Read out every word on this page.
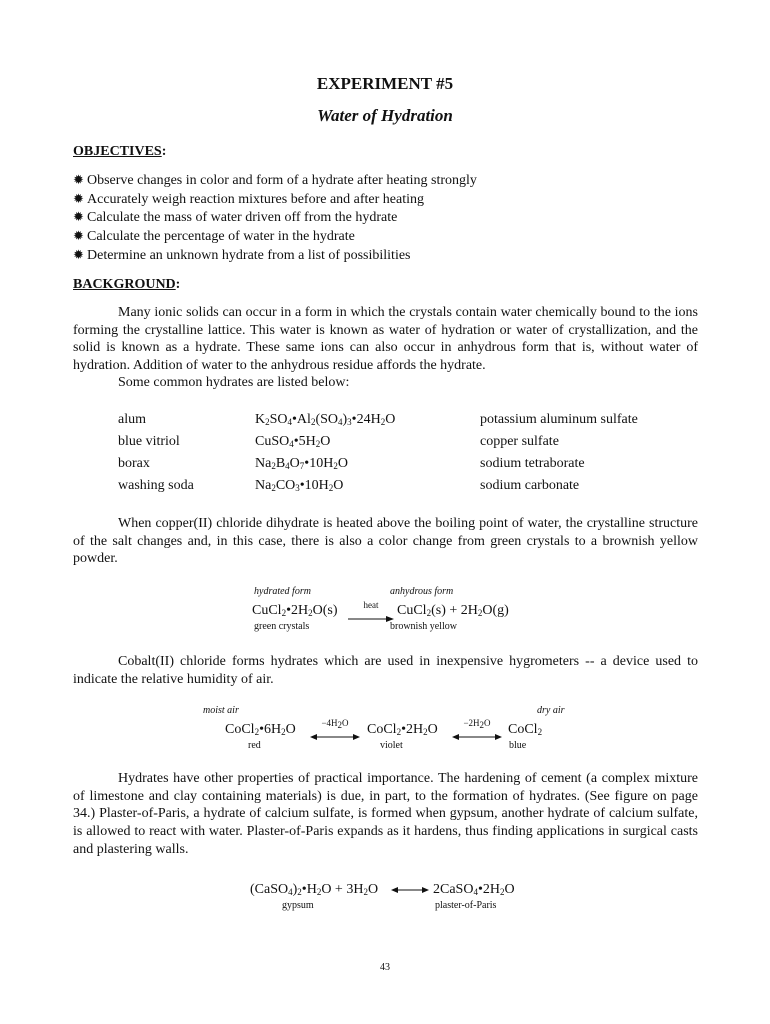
EXPERIMENT #5
Water of Hydration
OBJECTIVES:
✹ Observe changes in color and form of a hydrate after heating strongly
✹ Accurately weigh reaction mixtures before and after heating
✹ Calculate the mass of water driven off from the hydrate
✹ Calculate the percentage of water in the hydrate
✹ Determine an unknown hydrate from a list of possibilities
BACKGROUND:

Many ionic solids can occur in a form in which the crystals contain water chemically bound to the ions forming the crystalline lattice. This water is known as water of hydration or water of crystallization, and the solid is known as a hydrate. These same ions can also occur in anhydrous form that is, without water of hydration. Addition of water to the anhydrous residue affords the hydrate.

Some common hydrates are listed below:
alum	$K_2SO_4•Al_2(SO_4)_3•24H_2O$	potassium aluminum sulfate
blue vitriol	$CuSO_4•5H_2O$	copper sulfate
borax	$Na_2B_4O_7•10H_2O$	sodium tetraborate
washing soda	$Na_2CO_3•10H_2O$	sodium carbonate

When copper(II) chloride dihydrate is heated above the boiling point of water, the crystalline structure of the salt changes and, in this case, there is also a color change from green crystals to a brownish yellow powder.

hydrated form	anhydrous form
$CuCl_2•2H_2O(s)$	heat	CuCl$_2$(s) + $2H_2O(g)$
green crystals	brownish yellow

Cobalt(II) chloride forms hydrates which are used in inexpensive hygrometers -- a device used to indicate the relative humidity of air.

moist air	dry air
$CoCl_2•6H_2O$	$-4H_2O$	$CoCl_2•2H_2O$	$-2H_2O$	CoCl$_2$
red	violet	blue

Hydrates have other properties of practical importance. The hardening of cement (a complex mixture of limestone and clay containing materials) is due, in part, to the formation of hydrates. (See figure on page 34.) Plaster-of-Paris, a hydrate of calcium sulfate, is formed when gypsum, another hydrate of calcium sulfate, is allowed to react with water. Plaster-of-Paris expands as it hardens, thus finding applications in surgical casts and plastering walls.

$(CaSO_4)_2•H_2O + 3H_2O$	$2CaSO_4•2H_2O$
gypsum	plaster-of-Paris
43
